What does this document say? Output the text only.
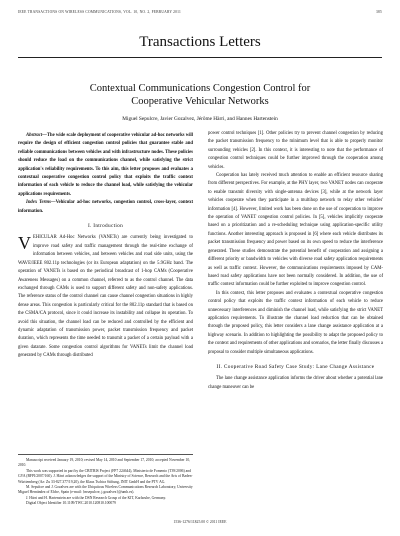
IEEE TRANSACTIONS ON WIRELESS COMMUNICATIONS, VOL. 10, NO. 2, FEBRUARY 2011	385
Transactions Letters
Contextual Communications Congestion Control for
Cooperative Vehicular Networks
Miguel Sepulcre, Javier Gozalvez, Jérôme Härri, and Hannes Hartenstein

Abstract—The wide scale deployment of cooperative vehicular ad-hoc networks will require the design of efficient congestion control policies that guarantee stable and reliable communications between vehicles and with infrastructure nodes. These policies should reduce the load on the communications channel, while satisfying the strict application's reliability requirements. To this aim, this letter proposes and evaluates a contextual cooperative congestion control policy that exploits the traffic context information of each vehicle to reduce the channel load, while satisfying the vehicular applications requirements.

Index Terms—Vehicular ad-hoc networks, congestion control, cross-layer, context information.

I. Introduction

VEHICULAR Ad-Hoc Networks (VANETs) are currently being investigated to improve road safety and traffic management through the real-time exchange of information between vehicles, and between vehicles and road side units, using the WAVE/IEEE 802.11p technologies (or its European adaptation) on the 5.9GHz band. The operation of VANETs is based on the periodical broadcast of 1-hop CAMs (Cooperative Awareness Messages) on a common channel, referred to as the control channel. The data exchanged through CAMs is used to support different safety and non-safety applications. The reference status of the control channel can cause channel congestion situations in highly dense areas. This congestion is particularly critical for the 802.11p standard that is based on the CSMA/CA protocol, since it could increase its instability and collapse its operation. To avoid this situation, the channel load can be reduced and controlled by the efficient and dynamic adaptation of transmission power, packet transmission frequency and packet duration, which represents the time needed to transmit a packet of a certain payload with a given datarate. Some congestion control algorithms for VANETs limit the channel load generated by CAMs through distributed

power control techniques [1]. Other policies try to prevent channel congestion by reducing the packet transmission frequency to the minimum level that is able to properly monitor surrounding vehicles [2]. In this context, it is interesting to note that the performance of congestion control techniques could be further improved through the cooperation among vehicles.

Cooperation has lately received much attention to enable an efficient resource sharing from different perspectives. For example, at the PHY layer, two VANET nodes can cooperate to enable transmit diversity with single-antenna devices [3], while at the network layer vehicles cooperate when they participate in a multihop network to relay other vehicles' information [4]. However, limited work has been done on the use of cooperation to improve the operation of VANET congestion control policies. In [5], vehicles implicitly cooperate based on a prioritization and a re-scheduling technique using application-specific utility functions. Another interesting approach is proposed in [6] where each vehicle distributes its packet transmission frequency and power based on its own speed to reduce the interference generated. These studies demonstrate the potential benefit of cooperation and assigning a different priority or bandwidth to vehicles with diverse road safety application requirements as well as traffic context. However, the communications requirements imposed by CAM-based road safety applications have not been normally considered. In addition, the use of traffic context information could be further exploited to improve congestion control.

In this context, this letter proposes and evaluates a contextual cooperative congestion control policy that exploits the traffic context information of each vehicle to reduce unnecessary interferences and diminish the channel load, while satisfying the strict VANET application requirements. To illustrate the channel load reduction that can be obtained through the proposed policy, this letter considers a lane change assistance application at a highway scenario. In addition to highlighting the possibility to adapt the proposed policy to the context and requirements of other applications and scenarios, the letter finally discusses a proposal to consider multiple simultaneous applications.

II. Cooperative Road Safety Case Study: Lane Change Assistance

The lane change assistance application informs the driver about whether a potential lane change maneuver can be

Manuscript received January 19, 2010; revised May 14, 2010 and September 17, 2010; accepted November 10, 2010.

This work was supported in part by the CBITRIS Project (FP7 224644), Ministerio de Fomento (T39/2006) and GVA (BFPI/2007/160). J. Härri acknowledges the support of the Ministry of Science, Research and the Arts of Baden-Württemberg (Az: Zu 33-827.377/19,20), the Klaus Tschira Stiftung, INIT GmbH and the PTV AG.

M. Sepulcre and J. Gozalvez are with the Ubiquitous Wireless Communications Research Laboratory, University Miguel Hernández of Elche, Spain (e-mail: {msepulcre, j.gozalvez}@umh.es).

J. Härri and H. Hartenstein are with the DSN Research Group of the KIT, Karlsruhe, Germany.

Digital Object Identifier 10.1109/TWC.2010.120810.100079

1536-1276/11$25.00 © 2011 IEEE
